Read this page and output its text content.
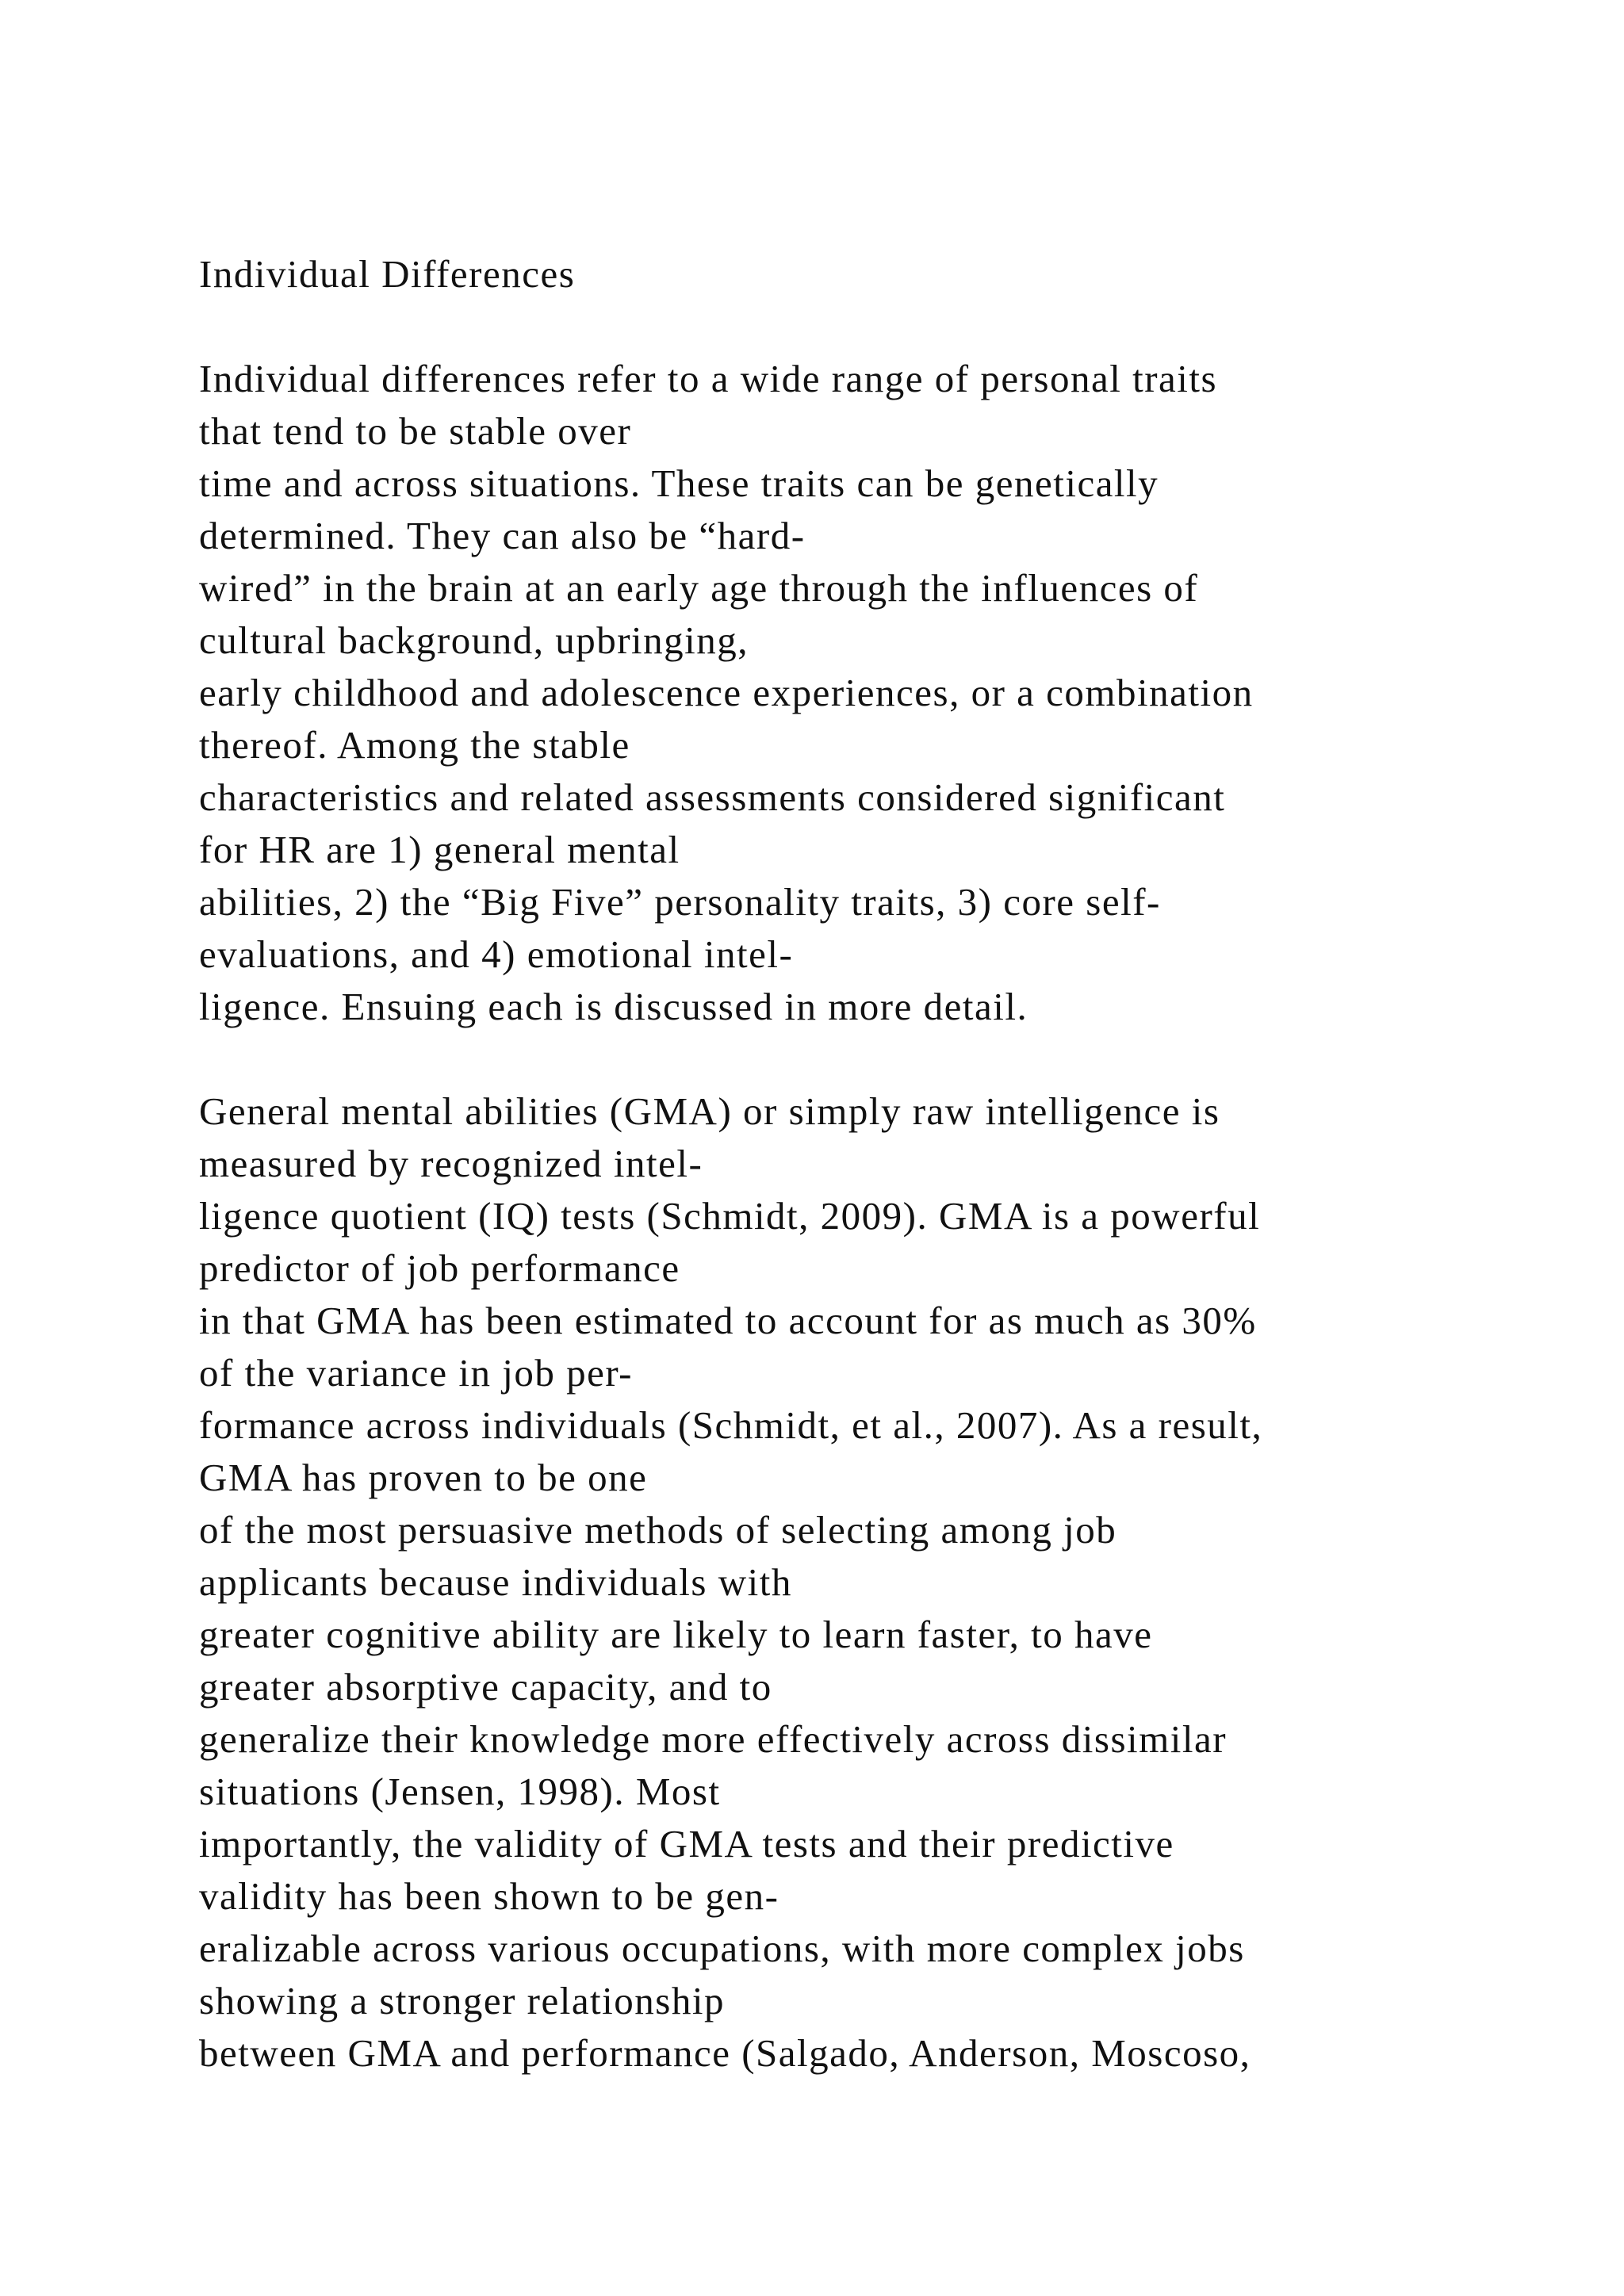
Individual Differences
Individual differences refer to a wide range of personal traits
that tend to be stable over
time and across situations. These traits can be genetically
determined. They can also be “hard-
wired” in the brain at an early age through the influences of
cultural background, upbringing,
early childhood and adolescence experiences, or a combination
thereof. Among the stable
characteristics and related assessments considered significant
for HR are 1) general mental
abilities, 2) the “Big Five” personality traits, 3) core self-
evaluations, and 4) emotional intel-
ligence. Ensuing each is discussed in more detail.
General mental abilities (GMA) or simply raw intelligence is
measured by recognized intel-
ligence quotient (IQ) tests (Schmidt, 2009). GMA is a powerful
predictor of job performance
in that GMA has been estimated to account for as much as 30%
of the variance in job per-
formance across individuals (Schmidt, et al., 2007). As a result,
GMA has proven to be one
of the most persuasive methods of selecting among job
applicants because individuals with
greater cognitive ability are likely to learn faster, to have
greater absorptive capacity, and to
generalize their knowledge more effectively across dissimilar
situations (Jensen, 1998). Most
importantly, the validity of GMA tests and their predictive
validity has been shown to be gen-
eralizable across various occupations, with more complex jobs
showing a stronger relationship
between GMA and performance (Salgado, Anderson, Moscoso,
